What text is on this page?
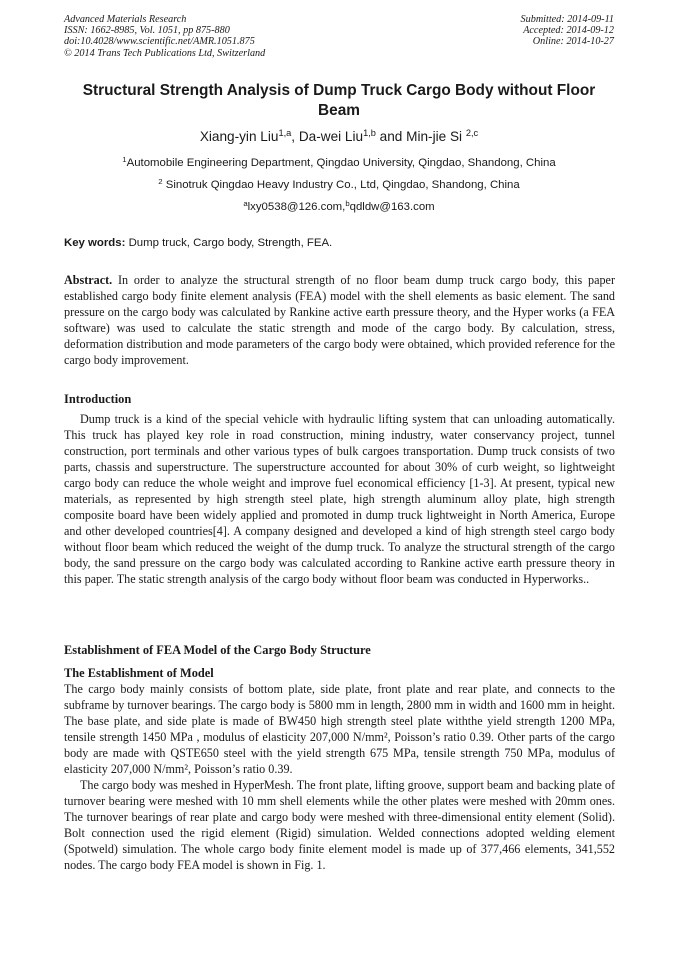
Advanced Materials Research
ISSN: 1662-8985, Vol. 1051, pp 875-880
doi:10.4028/www.scientific.net/AMR.1051.875
© 2014 Trans Tech Publications Ltd, Switzerland
Submitted: 2014-09-11
Accepted: 2014-09-12
Online: 2014-10-27
Structural Strength Analysis of Dump Truck Cargo Body without Floor Beam
Xiang-yin Liu$^{1,a}$, Da-wei Liu$^{1,b}$ and Min-jie Si $^{2,c}$
$^1$Automobile Engineering Department, Qingdao University, Qingdao, Shandong, China
$^2$ Sinotruk Qingdao Heavy Industry Co., Ltd, Qingdao, Shandong, China
$^a$lxy0538@126.com,$^b$qdldw@163.com
Key words: Dump truck, Cargo body, Strength, FEA.
Abstract. In order to analyze the structural strength of no floor beam dump truck cargo body, this paper established cargo body finite element analysis (FEA) model with the shell elements as basic element. The sand pressure on the cargo body was calculated by Rankine active earth pressure theory, and the Hyper works (a FEA software) was used to calculate the static strength and mode of the cargo body. By calculation, stress, deformation distribution and mode parameters of the cargo body were obtained, which provided reference for the cargo body improvement.
Introduction
Dump truck is a kind of the special vehicle with hydraulic lifting system that can unloading automatically. This truck has played key role in road construction, mining industry, water conservancy project, tunnel construction, port terminals and other various types of bulk cargoes transportation. Dump truck consists of two parts, chassis and superstructure. The superstructure accounted for about 30% of curb weight, so lightweight cargo body can reduce the whole weight and improve fuel economical efficiency [1-3]. At present, typical new materials, as represented by high strength steel plate, high strength aluminum alloy plate, high strength composite board have been widely applied and promoted in dump truck lightweight in North America, Europe and other developed countries[4]. A company designed and developed a kind of high strength steel cargo body without floor beam which reduced the weight of the dump truck. To analyze the structural strength of the cargo body, the sand pressure on the cargo body was calculated according to Rankine active earth pressure theory in this paper. The static strength analysis of the cargo body without floor beam was conducted in Hyperworks..
Establishment of FEA Model of the Cargo Body Structure
The Establishment of Model
The cargo body mainly consists of bottom plate, side plate, front plate and rear plate, and connects to the subframe by turnover bearings. The cargo body is 5800 mm in length, 2800 mm in width and 1600 mm in height. The base plate, and side plate is made of BW450 high strength steel plate withthe yield strength 1200 MPa, tensile strength 1450 MPa , modulus of elasticity 207,000 N/mm², Poisson’s ratio 0.39. Other parts of the cargo body are made with QSTE650 steel with the yield strength 675 MPa, tensile strength 750 MPa, modulus of elasticity 207,000 N/mm², Poisson’s ratio 0.39.
The cargo body was meshed in HyperMesh. The front plate, lifting groove, support beam and backing plate of turnover bearing were meshed with 10 mm shell elements while the other plates were meshed with 20mm ones. The turnover bearings of rear plate and cargo body were meshed with three-dimensional entity element (Solid). Bolt connection used the rigid element (Rigid) simulation. Welded connections adopted welding element (Spotweld) simulation. The whole cargo body finite element model is made up of 377,466 elements, 341,552 nodes. The cargo body FEA model is shown in Fig. 1.
